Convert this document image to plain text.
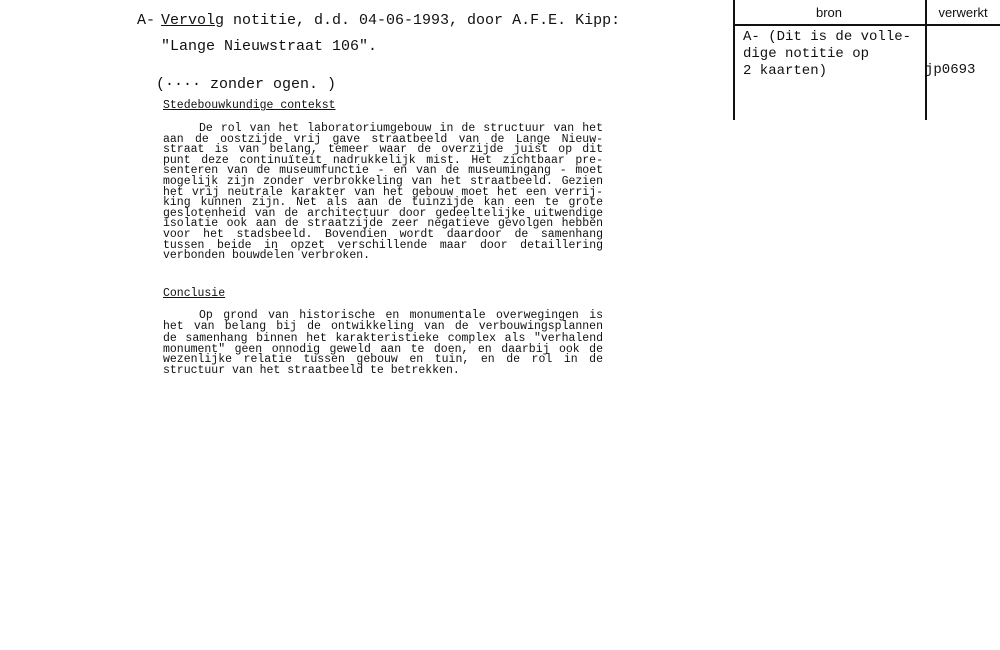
A- Vervolg notitie, d.d. 04-06-1993, door A.F.E. Kipp:
"Lange Nieuwstraat 106".
(···· zonder ogen. )
Stedebouwkundige contekst
De rol van het laboratoriumgebouw in de structuur van het
aan de oostzijde vrij gave straatbeeld van de Lange Nieuw-
straat is van belang, temeer waar de overzijde juist op dit
punt deze continuïteit nadrukkelijk mist. Het zichtbaar pre-
senteren van de museumfunctie - en van de museumingang - moet
mogelijk zijn zonder verbrokkeling van het straatbeeld. Gezien
het vrij neutrale karakter van het gebouw moet het een verrij-
king kunnen zijn. Net als aan de tuinzijde kan een te grote
geslotenheid van de architectuur door gedeeltelijke uitwendige
isolatie ook aan de straatzijde zeer negatieve gevolgen hebben
voor het stadsbeeld. Bovendien wordt daardoor de samenhang
tussen beide in opzet verschillende maar door detaillering
verbonden bouwdelen verbroken.
Conclusie
Op grond van historische en monumentale overwegingen is
het van belang bij de ontwikkeling van de verbouwingsplannen
de samenhang binnen het karakteristieke complex als "verhalend
monument" geen onnodig geweld aan te doen, en daarbij ook de
wezenlijke relatie tussen gebouw en tuin, en de rol in de
structuur van het straatbeeld te betrekken.
bron	verwerkt
A- (Dit is de volle-
dige notitie op
2 kaarten)	jp0693
